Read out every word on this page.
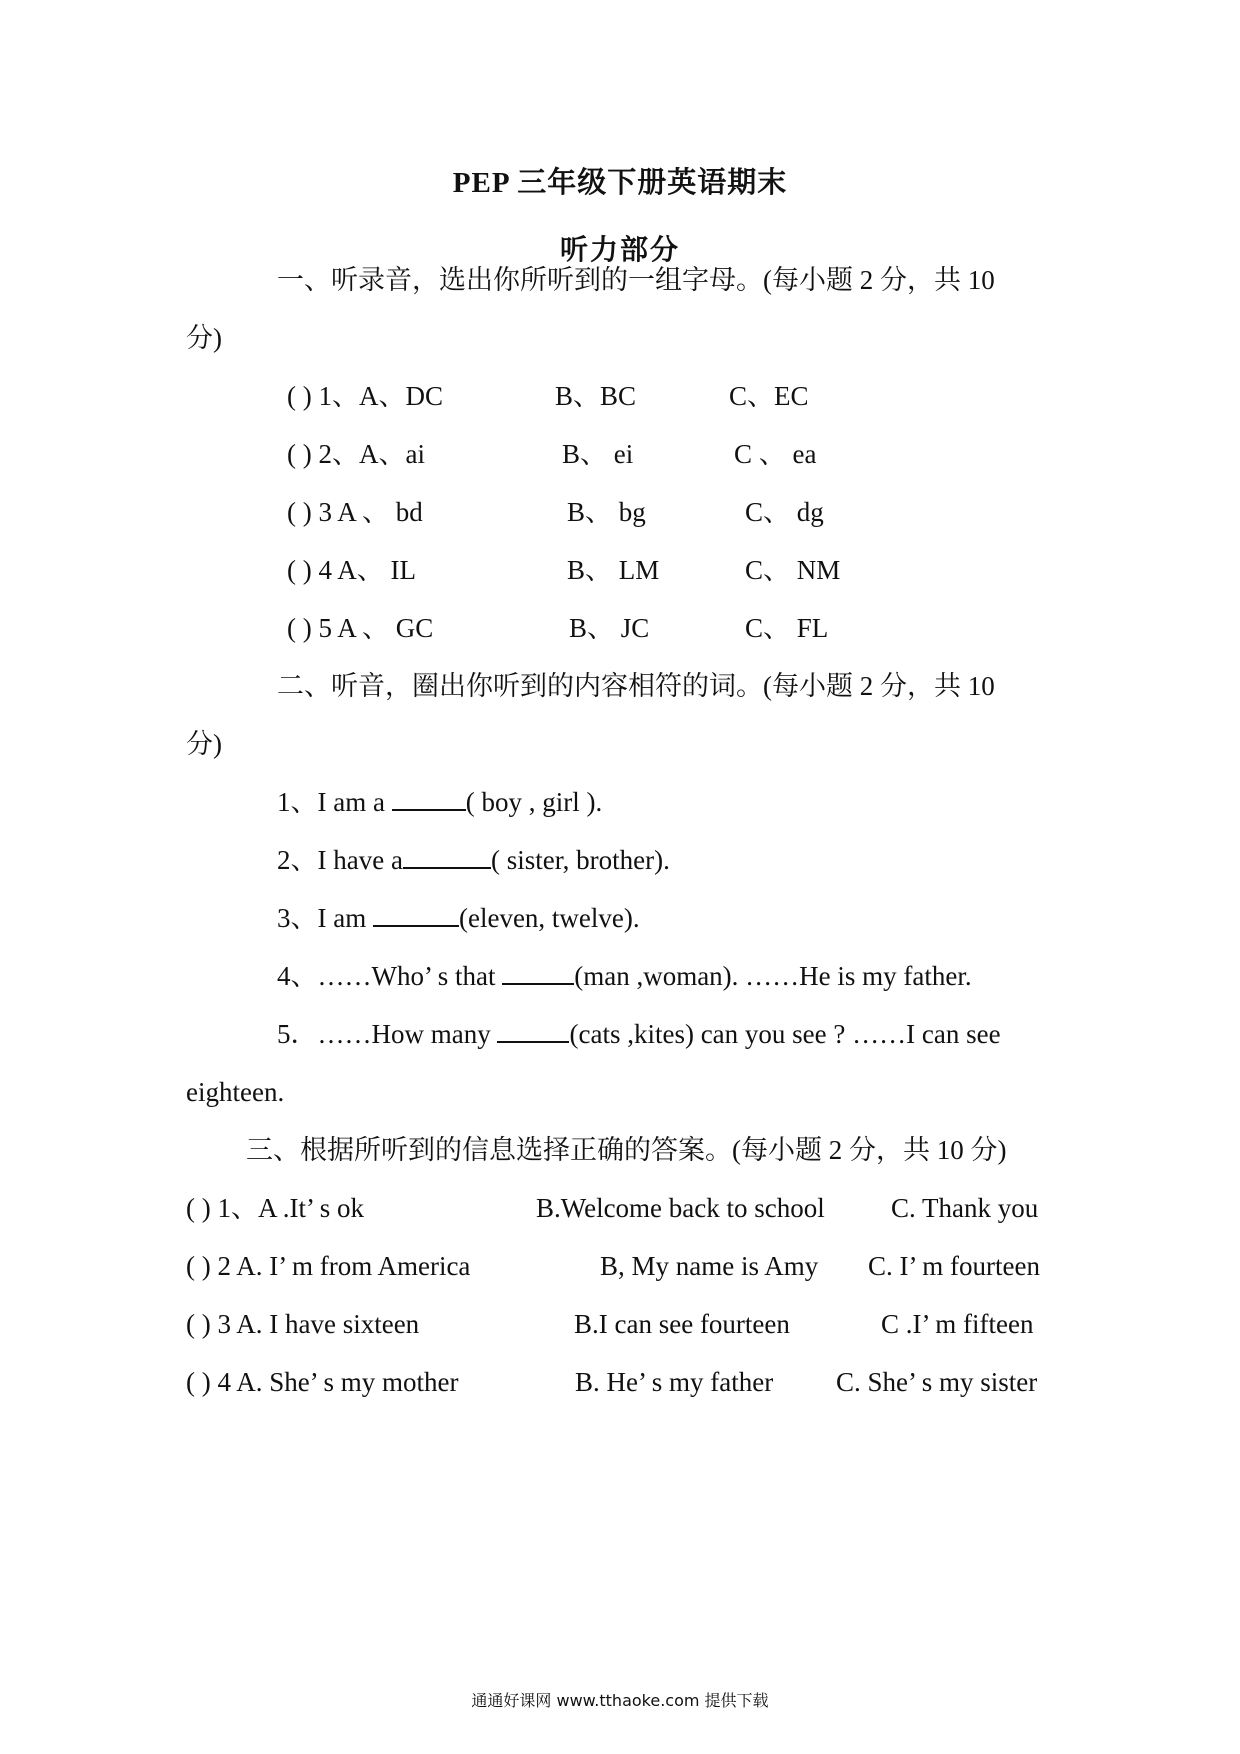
PEP 三年级下册英语期末
听力部分
一、听录音，选出你所听到的一组字母。(每小题 2 分，共 10
分)
( ) 1、A、DC	B、BC	C、EC
( ) 2、A、ai	B、 ei	C 、 ea
( ) 3 A 、 bd	B、 bg	C、 dg
( ) 4 A、 IL	B、 LM	C、 NM
( ) 5 A 、 GC	B、 JC	C、 FL
二、听音，圈出你听到的内容相符的词。(每小题 2 分，共 10
分)
1、I am a	( boy , girl ).
2、I have a	( sister, brother).
3、I am	(eleven, twelve).
4、……Who’ s that	(man ,woman). ……He is my father.
5．……How many	(cats ,kites) can you see ? ……I can see
eighteen.
三、根据所听到的信息选择正确的答案。(每小题 2 分，共 10 分)
( ) 1、A .It’ s ok	B.Welcome back to school C. Thank you
( ) 2 A. I’ m from America	B, My name is Amy C. I’ m fourteen
( ) 3 A. I have sixteen	B.I can see fourteen	C .I’ m fifteen
( ) 4 A. She’ s my mother	B. He’ s my father C. She’ s my sister
通通好课网 www.tthaoke.com 提供下载
